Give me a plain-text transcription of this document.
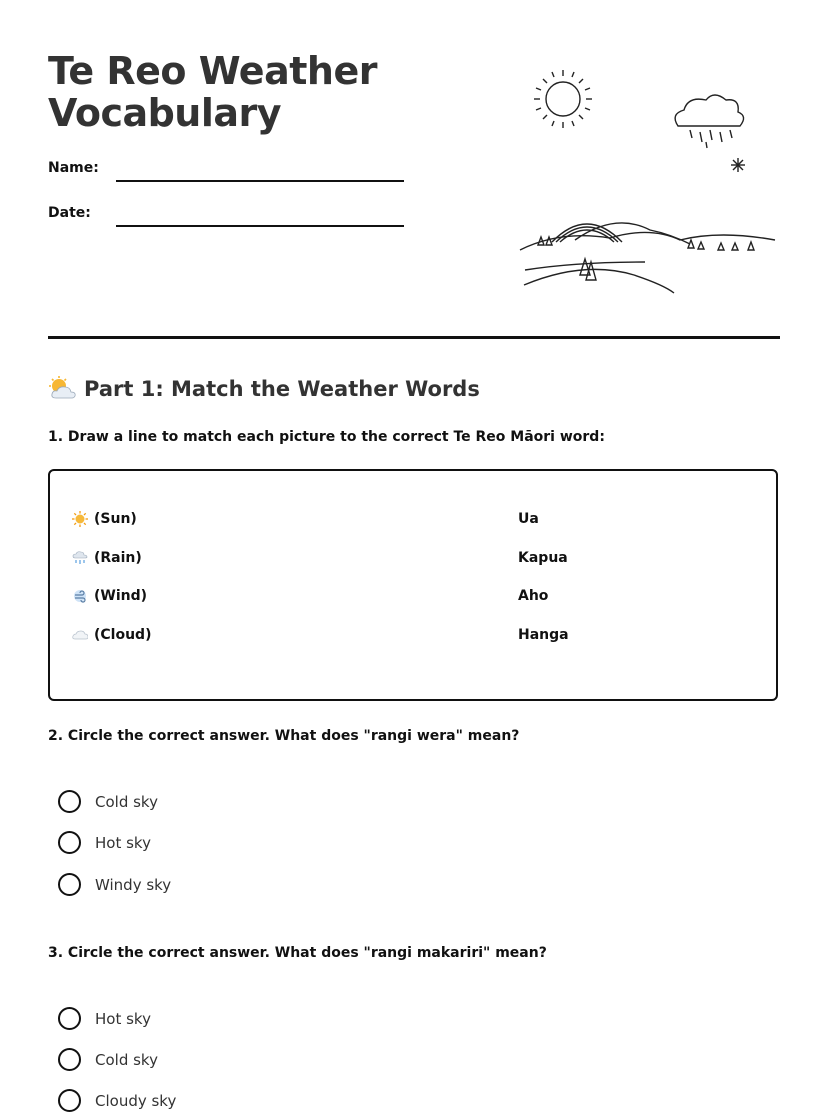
Te Reo Weather
Vocabulary
Name:
Date:
Part 1: Match the Weather Words

1. Draw a line to match each picture to the correct Te Reo Māori word:

(Sun)
(Rain)
(Wind)
(Cloud)
Ua
Kapua
Aho
Hanga

2. Circle the correct answer. What does "rangi wera" mean?

Cold sky
Hot sky
Windy sky

3. Circle the correct answer. What does "rangi makariri" mean?

Hot sky
Cold sky
Cloudy sky
